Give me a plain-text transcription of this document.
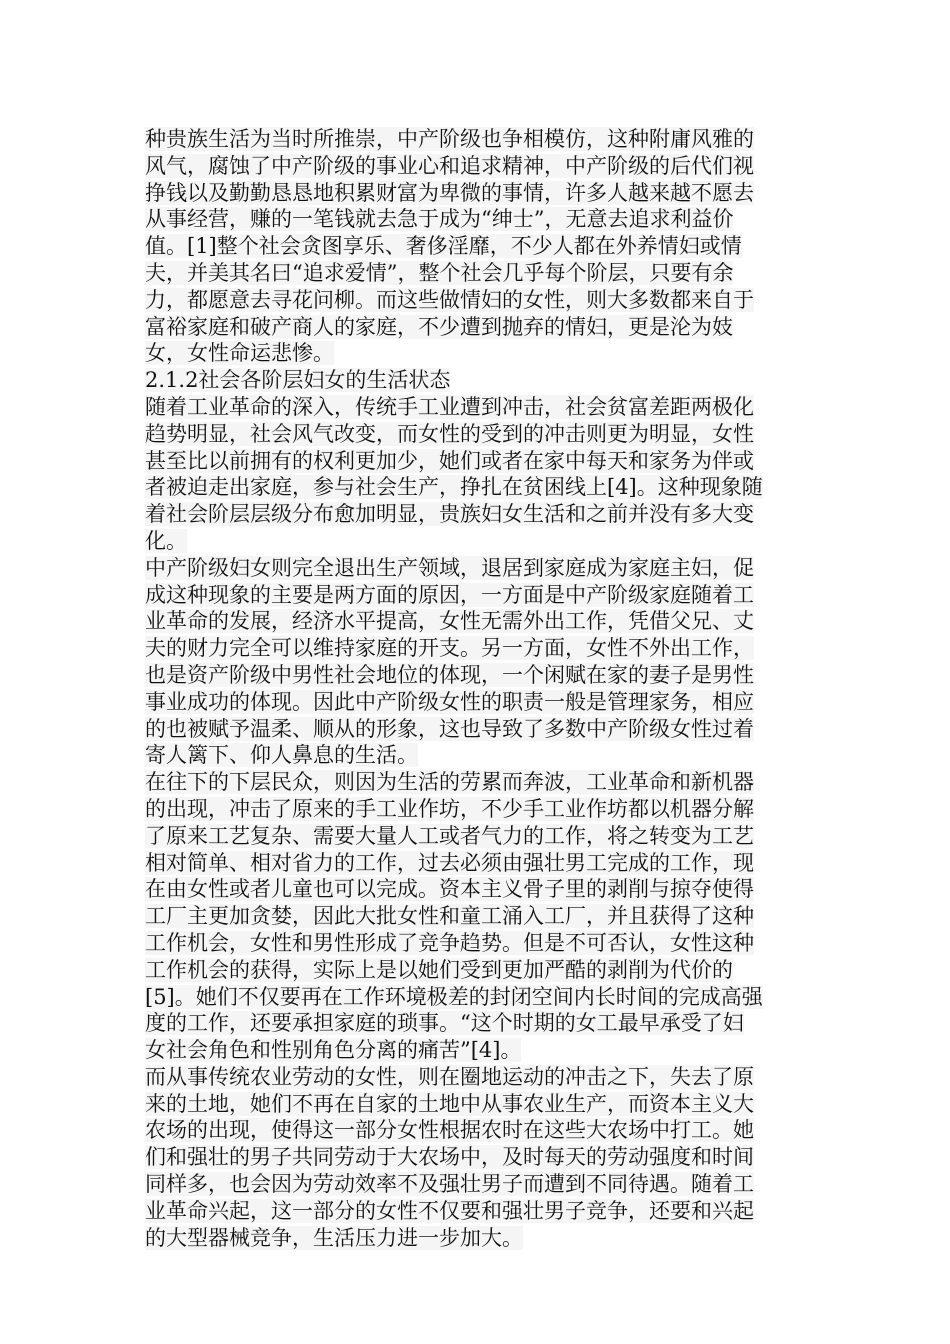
种贵族生活为当时所推崇，中产阶级也争相模仿，这种附庸风雅的
风气，腐蚀了中产阶级的事业心和追求精神，中产阶级的后代们视
挣钱以及勤勤恳恳地积累财富为卑微的事情，许多人越来越不愿去
从事经营，赚的一笔钱就去急于成为“绅士”，无意去追求利益价
值。[1]整个社会贪图享乐、奢侈淫靡，不少人都在外养情妇或情
夫，并美其名曰“追求爱情”，整个社会几乎每个阶层，只要有余
力，都愿意去寻花问柳。而这些做情妇的女性，则大多数都来自于
富裕家庭和破产商人的家庭，不少遭到抛弃的情妇，更是沦为妓
女，女性命运悲惨。
2.1.2社会各阶层妇女的生活状态
随着工业革命的深入，传统手工业遭到冲击，社会贫富差距两极化
趋势明显，社会风气改变，而女性的受到的冲击则更为明显，女性
甚至比以前拥有的权利更加少，她们或者在家中每天和家务为伴或
者被迫走出家庭，参与社会生产，挣扎在贫困线上[4]。这种现象随
着社会阶层层级分布愈加明显，贵族妇女生活和之前并没有多大变
化。
中产阶级妇女则完全退出生产领域，退居到家庭成为家庭主妇，促
成这种现象的主要是两方面的原因，一方面是中产阶级家庭随着工
业革命的发展，经济水平提高，女性无需外出工作，凭借父兄、丈
夫的财力完全可以维持家庭的开支。另一方面，女性不外出工作，
也是资产阶级中男性社会地位的体现，一个闲赋在家的妻子是男性
事业成功的体现。因此中产阶级女性的职责一般是管理家务，相应
的也被赋予温柔、顺从的形象，这也导致了多数中产阶级女性过着
寄人篱下、仰人鼻息的生活。
在往下的下层民众，则因为生活的劳累而奔波，工业革命和新机器
的出现，冲击了原来的手工业作坊，不少手工业作坊都以机器分解
了原来工艺复杂、需要大量人工或者气力的工作，将之转变为工艺
相对简单、相对省力的工作，过去必须由强壮男工完成的工作，现
在由女性或者儿童也可以完成。资本主义骨子里的剥削与掠夺使得
工厂主更加贪婪，因此大批女性和童工涌入工厂，并且获得了这种
工作机会，女性和男性形成了竞争趋势。但是不可否认，女性这种
工作机会的获得，实际上是以她们受到更加严酷的剥削为代价的
[5]。她们不仅要再在工作环境极差的封闭空间内长时间的完成高强
度的工作，还要承担家庭的琐事。“这个时期的女工最早承受了妇
女社会角色和性别角色分离的痛苦”[4]。
而从事传统农业劳动的女性，则在圈地运动的冲击之下，失去了原
来的土地，她们不再在自家的土地中从事农业生产，而资本主义大
农场的出现，使得这一部分女性根据农时在这些大农场中打工。她
们和强壮的男子共同劳动于大农场中，及时每天的劳动强度和时间
同样多，也会因为劳动效率不及强壮男子而遭到不同待遇。随着工
业革命兴起，这一部分的女性不仅要和强壮男子竞争，还要和兴起
的大型器械竞争，生活压力进一步加大。
